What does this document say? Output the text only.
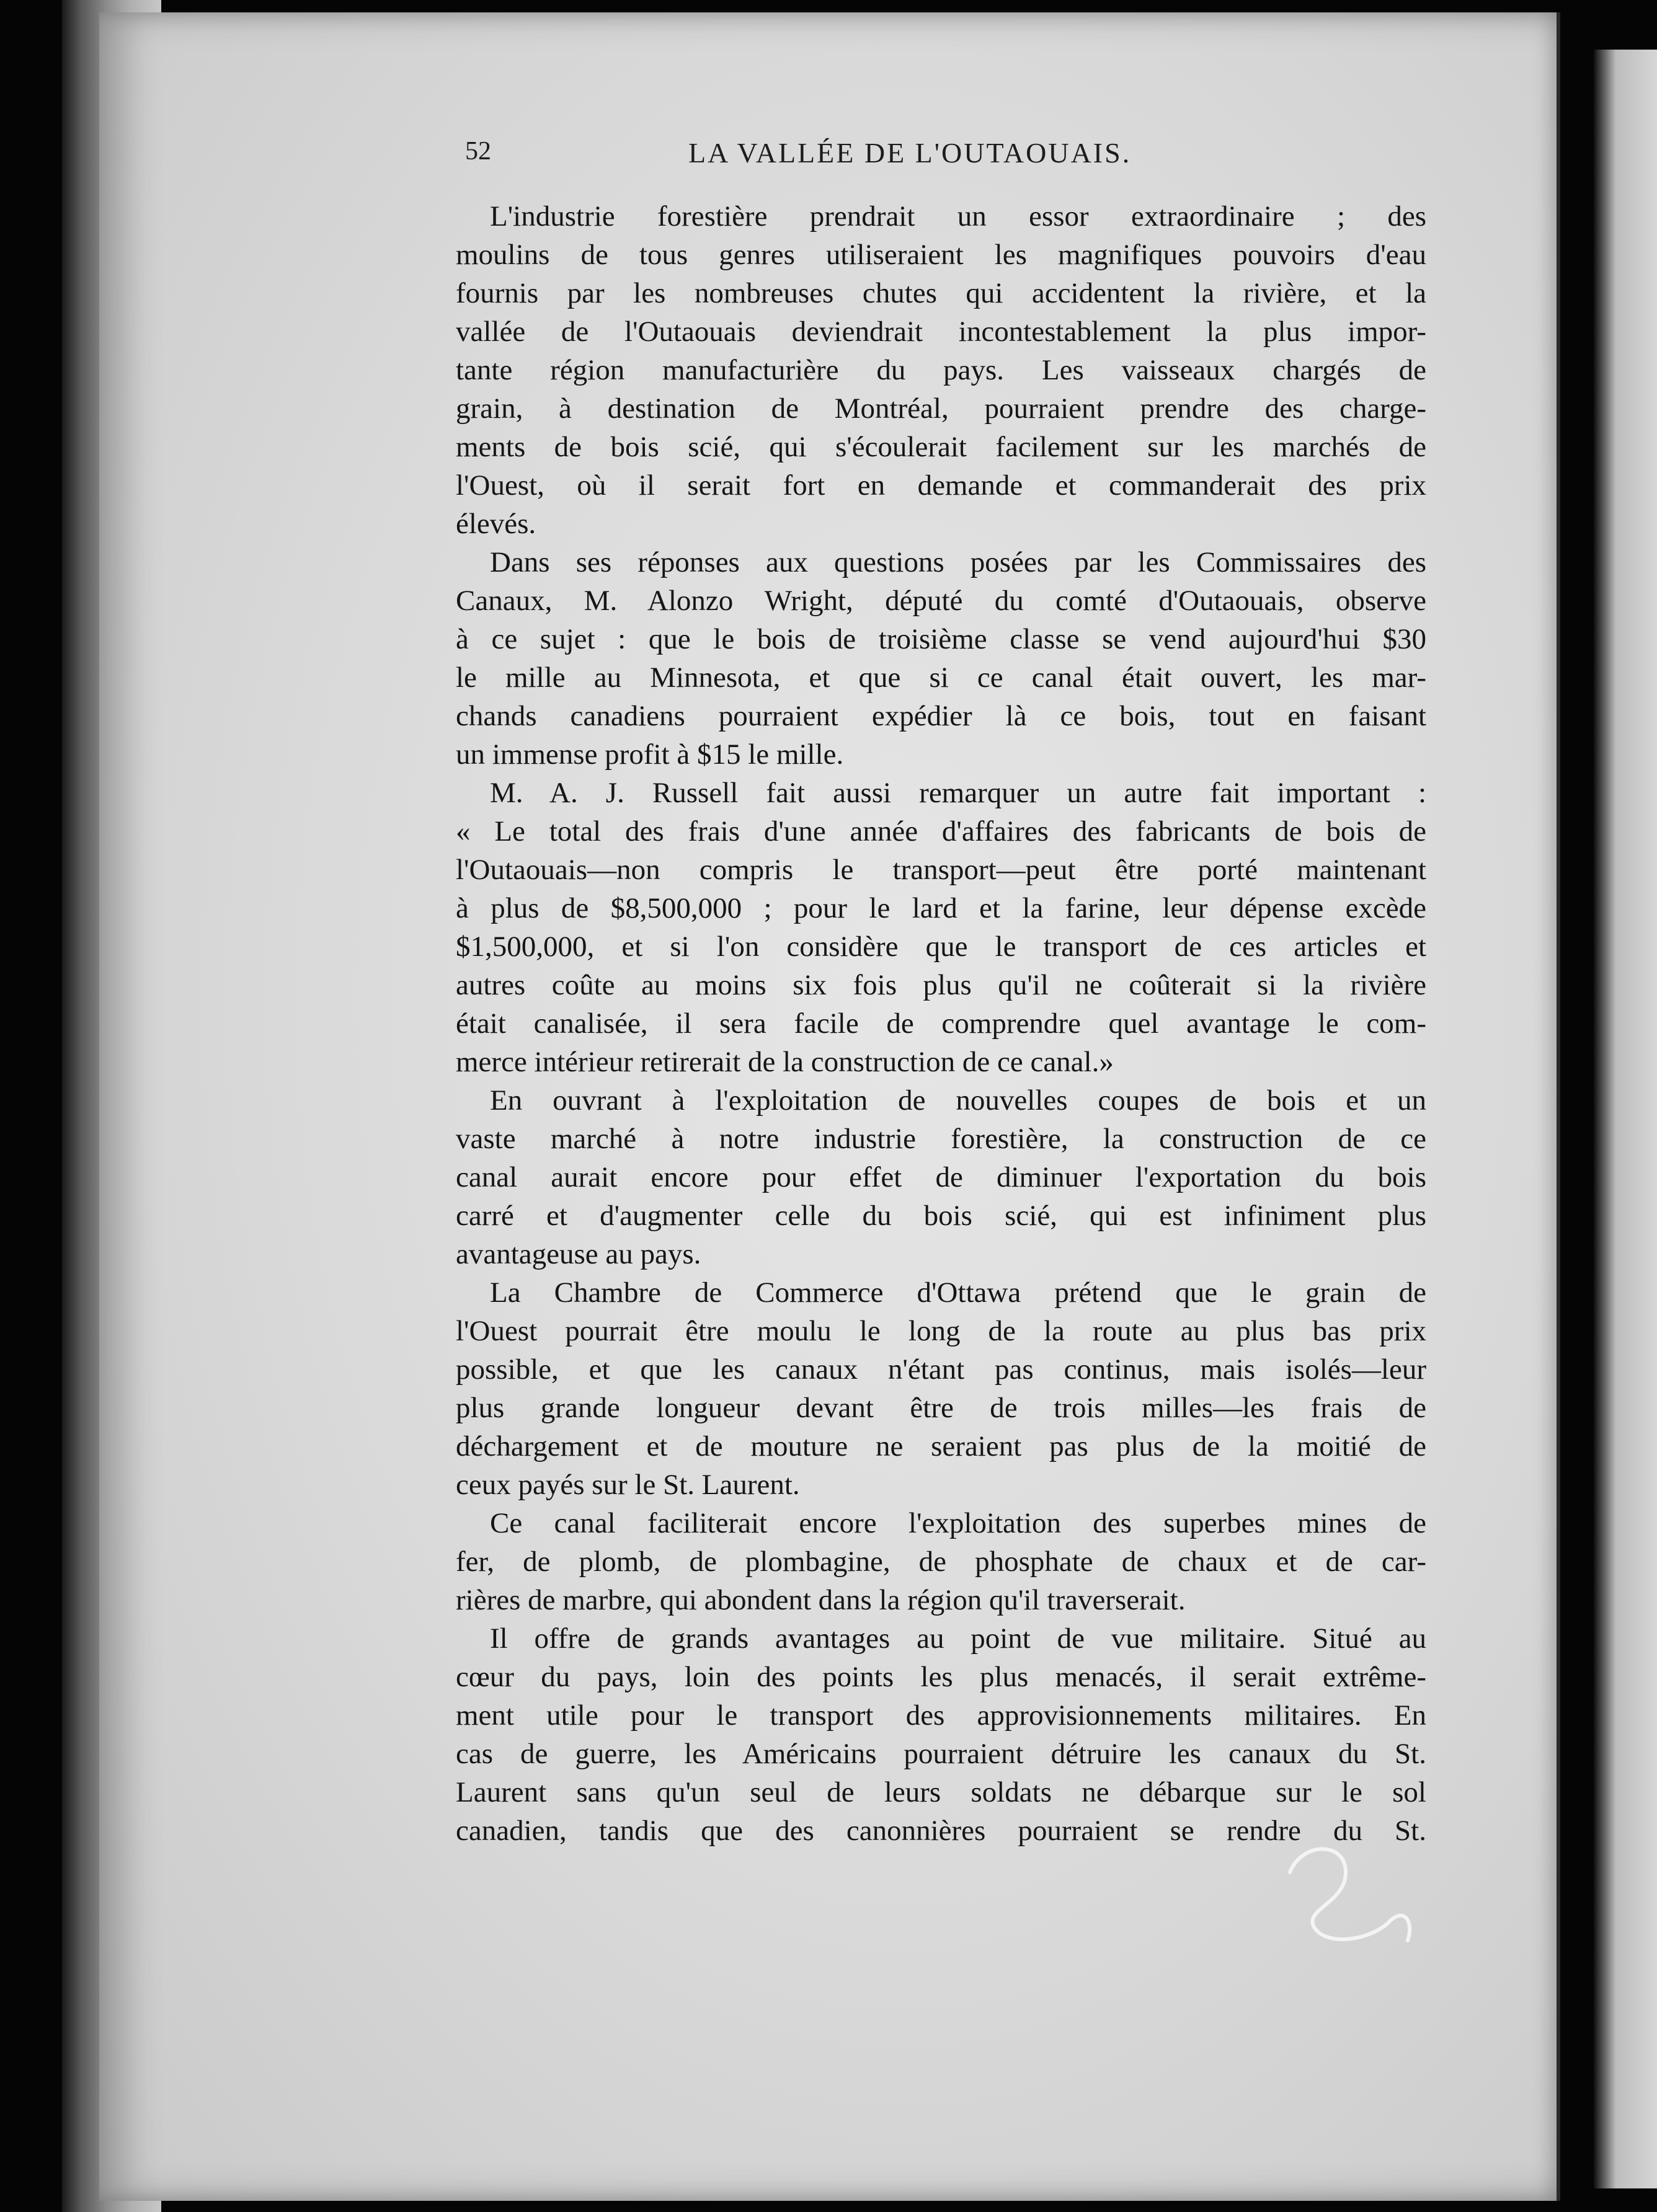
52	LA VALLÉE DE L'OUTAOUAIS.
L'industrie forestière prendrait un essor extraordinaire ; des
moulins de tous genres utiliseraient les magnifiques pouvoirs d'eau
fournis par les nombreuses chutes qui accidentent la rivière, et la
vallée de l'Outaouais deviendrait incontestablement la plus impor-
tante région manufacturière du pays. Les vaisseaux chargés de
grain, à destination de Montréal, pourraient prendre des charge-
ments de bois scié, qui s'écoulerait facilement sur les marchés de
l'Ouest, où il serait fort en demande et commanderait des prix
élevés.
Dans ses réponses aux questions posées par les Commissaires des
Canaux, M. Alonzo Wright, député du comté d'Outaouais, observe
à ce sujet : que le bois de troisième classe se vend aujourd'hui $30
le mille au Minnesota, et que si ce canal était ouvert, les mar-
chands canadiens pourraient expédier là ce bois, tout en faisant
un immense profit à $15 le mille.
M. A. J. Russell fait aussi remarquer un autre fait important :
« Le total des frais d'une année d'affaires des fabricants de bois de
l'Outaouais—non compris le transport—peut être porté maintenant
à plus de $8,500,000 ; pour le lard et la farine, leur dépense excède
$1,500,000, et si l'on considère que le transport de ces articles et
autres coûte au moins six fois plus qu'il ne coûterait si la rivière
était canalisée, il sera facile de comprendre quel avantage le com-
merce intérieur retirerait de la construction de ce canal.»
En ouvrant à l'exploitation de nouvelles coupes de bois et un
vaste marché à notre industrie forestière, la construction de ce
canal aurait encore pour effet de diminuer l'exportation du bois
carré et d'augmenter celle du bois scié, qui est infiniment plus
avantageuse au pays.
La Chambre de Commerce d'Ottawa prétend que le grain de
l'Ouest pourrait être moulu le long de la route au plus bas prix
possible, et que les canaux n'étant pas continus, mais isolés—leur
plus grande longueur devant être de trois milles—les frais de
déchargement et de mouture ne seraient pas plus de la moitié de
ceux payés sur le St. Laurent.
Ce canal faciliterait encore l'exploitation des superbes mines de
fer, de plomb, de plombagine, de phosphate de chaux et de car-
rières de marbre, qui abondent dans la région qu'il traverserait.
Il offre de grands avantages au point de vue militaire. Situé au
cœur du pays, loin des points les plus menacés, il serait extrême-
ment utile pour le transport des approvisionnements militaires. En
cas de guerre, les Américains pourraient détruire les canaux du St.
Laurent sans qu'un seul de leurs soldats ne débarque sur le sol
canadien, tandis que des canonnières pourraient se rendre du St.
